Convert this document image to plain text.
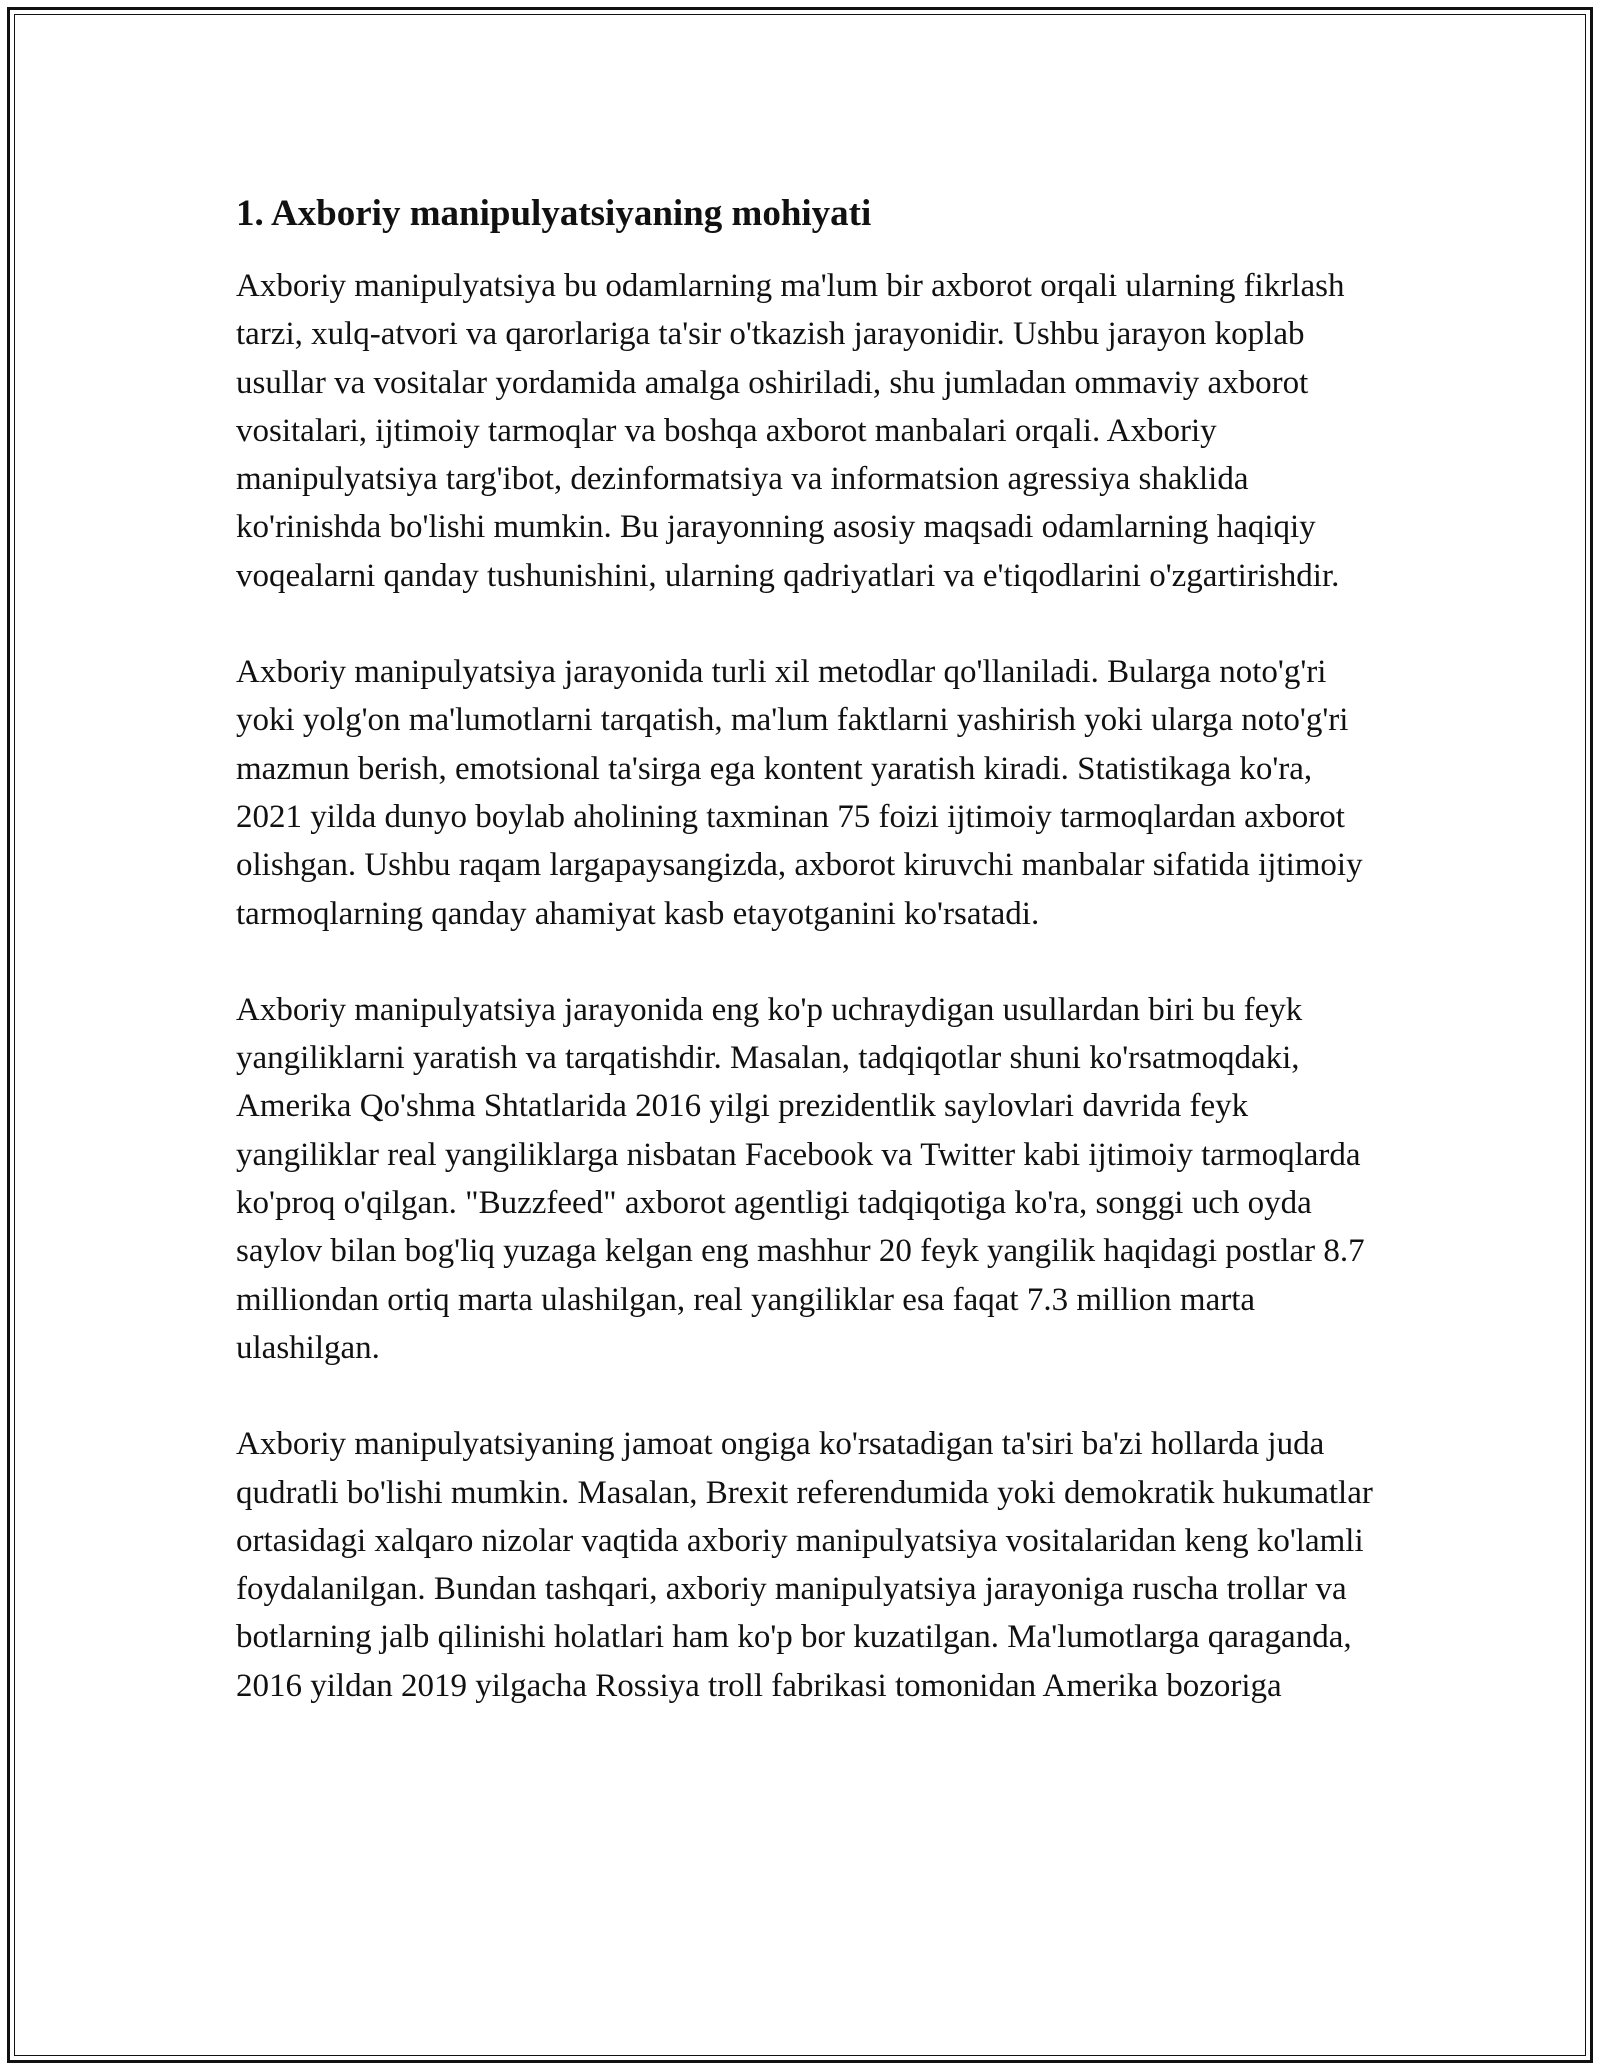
1. Axboriy manipulyatsiyaning mohiyati

Axboriy manipulyatsiya bu odamlarning ma'lum bir axborot orqali ularning fikrlash tarzi, xulq-atvori va qarorlariga ta'sir o'tkazish jarayonidir. Ushbu jarayon koplab usullar va vositalar yordamida amalga oshiriladi, shu jumladan ommaviy axborot vositalari, ijtimoiy tarmoqlar va boshqa axborot manbalari orqali. Axboriy manipulyatsiya targ'ibot, dezinformatsiya va informatsion agressiya shaklida ko'rinishda bo'lishi mumkin. Bu jarayonning asosiy maqsadi odamlarning haqiqiy voqealarni qanday tushunishini, ularning qadriyatlari va e'tiqodlarini o'zgartirishdir.

Axboriy manipulyatsiya jarayonida turli xil metodlar qo'llaniladi. Bularga noto'g'ri yoki yolg'on ma'lumotlarni tarqatish, ma'lum faktlarni yashirish yoki ularga noto'g'ri mazmun berish, emotsional ta'sirga ega kontent yaratish kiradi. Statistikaga ko'ra, 2021 yilda dunyo boylab aholining taxminan 75 foizi ijtimoiy tarmoqlardan axborot olishgan. Ushbu raqam largapaysangizda, axborot kiruvchi manbalar sifatida ijtimoiy tarmoqlarning qanday ahamiyat kasb etayotganini ko'rsatadi.

Axboriy manipulyatsiya jarayonida eng ko'p uchraydigan usullardan biri bu feyk yangiliklarni yaratish va tarqatishdir. Masalan, tadqiqotlar shuni ko'rsatmoqdaki, Amerika Qo'shma Shtatlarida 2016 yilgi prezidentlik saylovlari davrida feyk yangiliklar real yangiliklarga nisbatan Facebook va Twitter kabi ijtimoiy tarmoqlarda ko'proq o'qilgan. "Buzzfeed" axborot agentligi tadqiqotiga ko'ra, songgi uch oyda saylov bilan bog'liq yuzaga kelgan eng mashhur 20 feyk yangilik haqidagi postlar 8.7 milliondan ortiq marta ulashilgan, real yangiliklar esa faqat 7.3 million marta ulashilgan.

Axboriy manipulyatsiyaning jamoat ongiga ko'rsatadigan ta'siri ba'zi hollarda juda qudratli bo'lishi mumkin. Masalan, Brexit referendumida yoki demokratik hukumatlar ortasidagi xalqaro nizolar vaqtida axboriy manipulyatsiya vositalaridan keng ko'lamli foydalanilgan. Bundan tashqari, axboriy manipulyatsiya jarayoniga ruscha trollar va botlarning jalb qilinishi holatlari ham ko'p bor kuzatilgan. Ma'lumotlarga qaraganda, 2016 yildan 2019 yilgacha Rossiya troll fabrikasi tomonidan Amerika bozoriga
